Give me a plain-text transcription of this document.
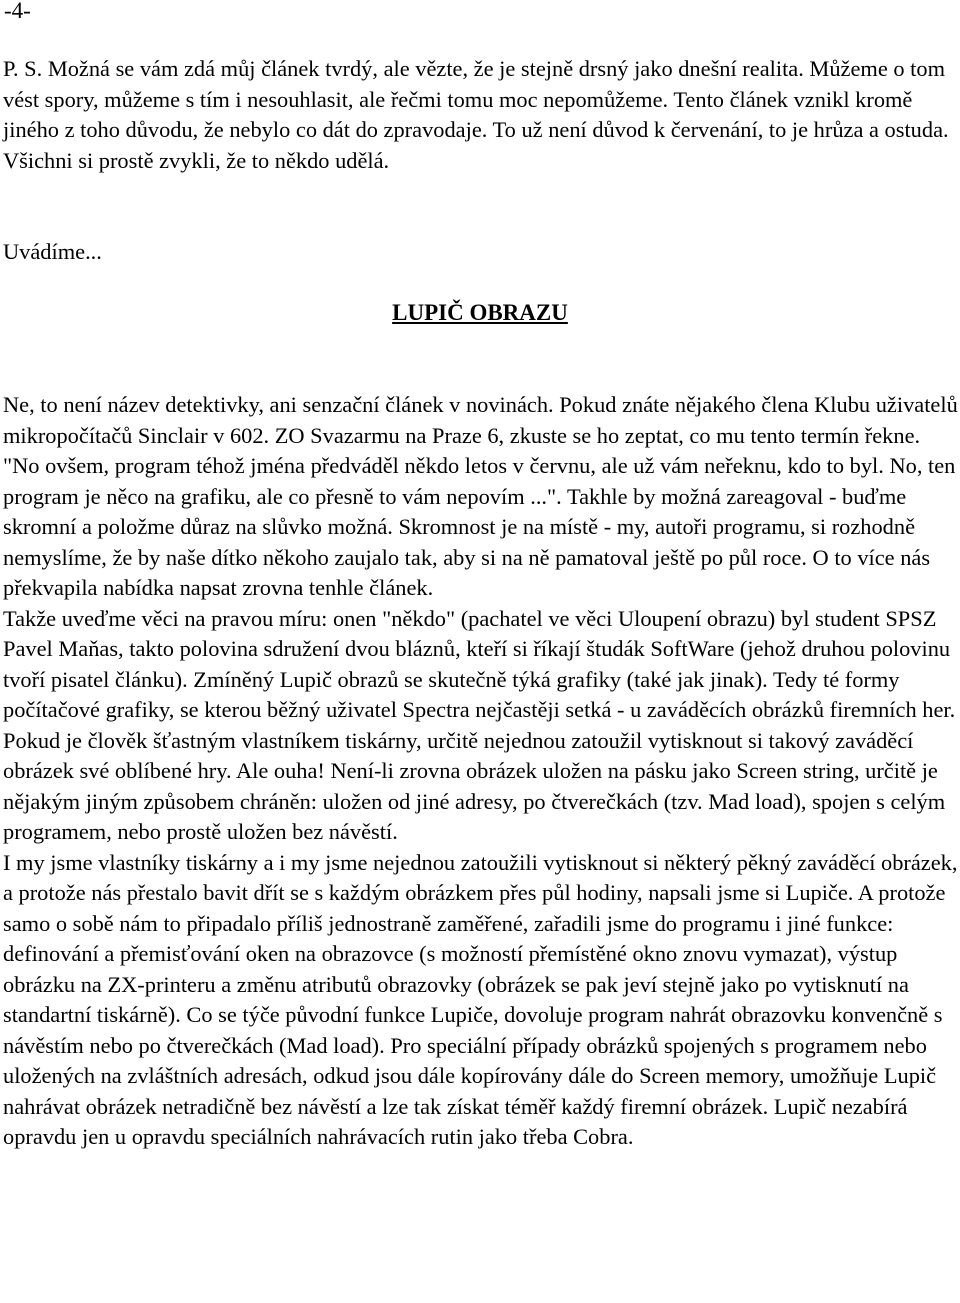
-4-

P. S. Možná se vám zdá můj článek tvrdý, ale vězte, že je stejně drsný jako dnešní realita. Můžeme o tom vést spory, můžeme s tím i nesouhlasit, ale řečmi tomu moc nepomůžeme. Tento článek vznikl kromě jiného z toho důvodu, že nebylo co dát do zpravodaje. To už není důvod k červenání, to je hrůza a ostuda. Všichni si prostě zvykli, že to někdo udělá.

Uvádíme...
LUPIČ OBRAZU

Ne, to není název detektivky, ani senzační článek v novinách. Pokud znáte nějakého člena Klubu uživatelů mikropočítačů Sinclair v 602. ZO Svazarmu na Praze 6, zkuste se ho zeptat, co mu tento termín řekne. "No ovšem, program téhož jména předváděl někdo letos v červnu, ale už vám neřeknu, kdo to byl. No, ten program je něco na grafiku, ale co přesně to vám nepovím ...". Takhle by možná zareagoval - buďme skromní a položme důraz na slůvko možná. Skromnost je na místě - my, autoři programu, si rozhodně nemyslíme, že by naše dítko někoho zaujalo tak, aby si na ně pamatoval ještě po půl roce. O to více nás překvapila nabídka napsat zrovna tenhle článek.

Takže uveďme věci na pravou míru: onen "někdo" (pachatel ve věci Uloupení obrazu) byl student SPSZ Pavel Maňas, takto polovina sdružení dvou bláznů, kteří si říkají študák SoftWare (jehož druhou polovinu tvoří pisatel článku). Zmíněný Lupič obrazů se skutečně týká grafiky (také jak jinak). Tedy té formy počítačové grafiky, se kterou běžný uživatel Spectra nejčastěji setká - u zaváděcích obrázků firemních her.

Pokud je člověk šťastným vlastníkem tiskárny, určitě nejednou zatoužil vytisknout si takový zaváděcí obrázek své oblíbené hry. Ale ouha! Není-li zrovna obrázek uložen na pásku jako Screen string, určitě je nějakým jiným způsobem chráněn: uložen od jiné adresy, po čtverečkách (tzv. Mad load), spojen s celým programem, nebo prostě uložen bez návěstí.

I my jsme vlastníky tiskárny a i my jsme nejednou zatoužili vytisknout si některý pěkný zaváděcí obrázek, a protože nás přestalo bavit dřít se s každým obrázkem přes půl hodiny, napsali jsme si Lupiče. A protože samo o sobě nám to připadalo příliš jednostraně zaměřené, zařadili jsme do programu i jiné funkce: definování a přemisťování oken na obrazovce (s možností přemístěné okno znovu vymazat), výstup obrázku na ZX-printeru a změnu atributů obrazovky (obrázek se pak jeví stejně jako po vytisknutí na standartní tiskárně). Co se týče původní funkce Lupiče, dovoluje program nahrát obrazovku konvenčně s návěstím nebo po čtverečkách (Mad load). Pro speciální případy obrázků spojených s programem nebo uložených na zvláštních adresách, odkud jsou dále kopírovány dále do Screen memory, umožňuje Lupič nahrávat obrázek netradičně bez návěstí a lze tak získat téměř každý firemní obrázek. Lupič nezabírá opravdu jen u opravdu speciálních nahrávacích rutin jako třeba Cobra.
